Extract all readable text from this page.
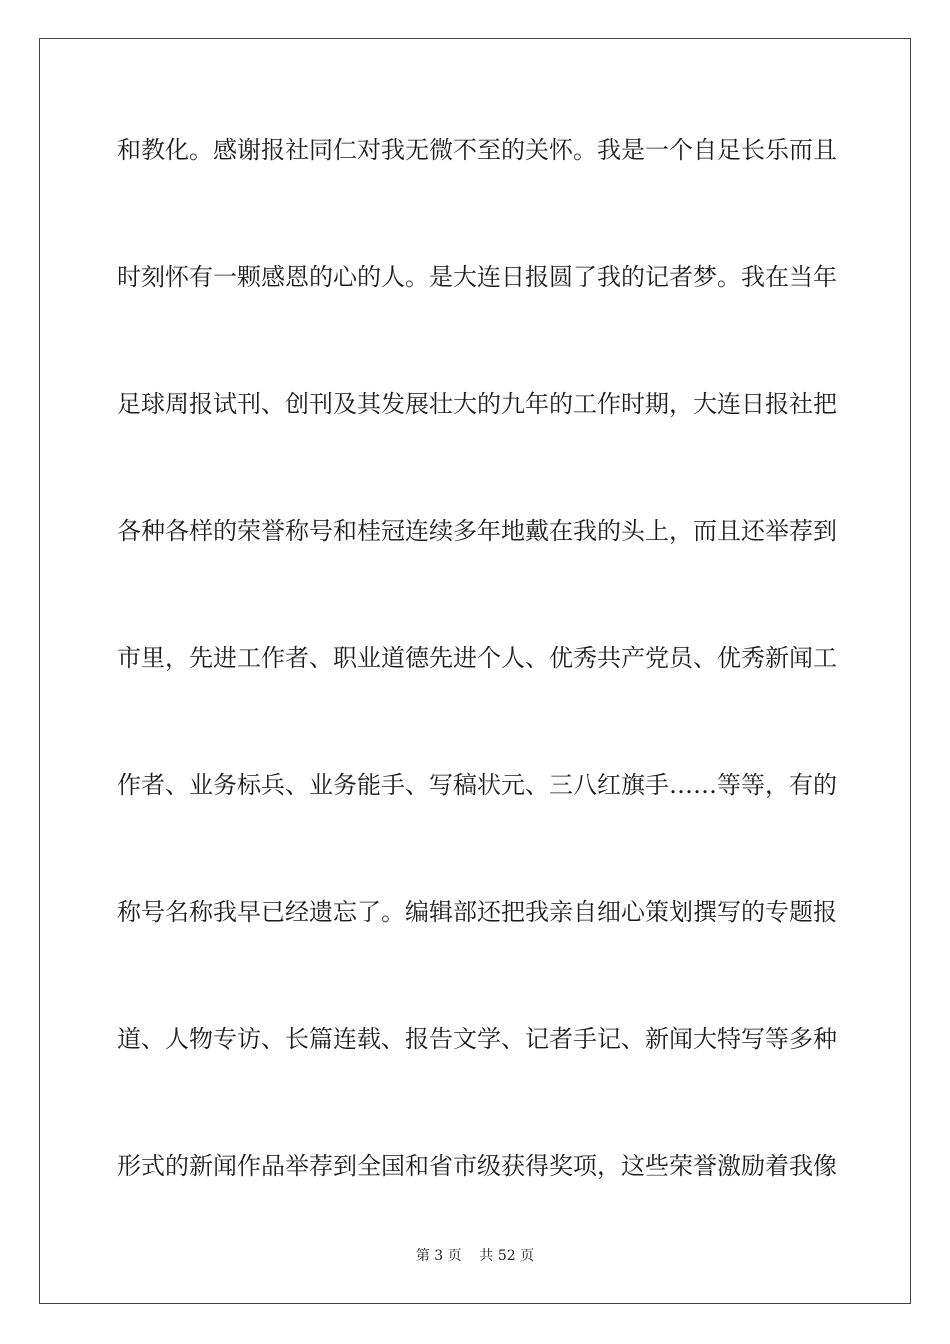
和教化。感谢报社同仁对我无微不至的关怀。我是一个自足长乐而且
时刻怀有一颗感恩的心的人。是大连日报圆了我的记者梦。我在当年
足球周报试刊、创刊及其发展壮大的九年的工作时期，大连日报社把
各种各样的荣誉称号和桂冠连续多年地戴在我的头上，而且还举荐到
市里，先进工作者、职业道德先进个人、优秀共产党员、优秀新闻工
作者、业务标兵、业务能手、写稿状元、三八红旗手……等等，有的
称号名称我早已经遗忘了。编辑部还把我亲自细心策划撰写的专题报
道、人物专访、长篇连载、报告文学、记者手记、新闻大特写等多种
形式的新闻作品举荐到全国和省市级获得奖项，这些荣誉激励着我像
第 3 页    共 52 页
